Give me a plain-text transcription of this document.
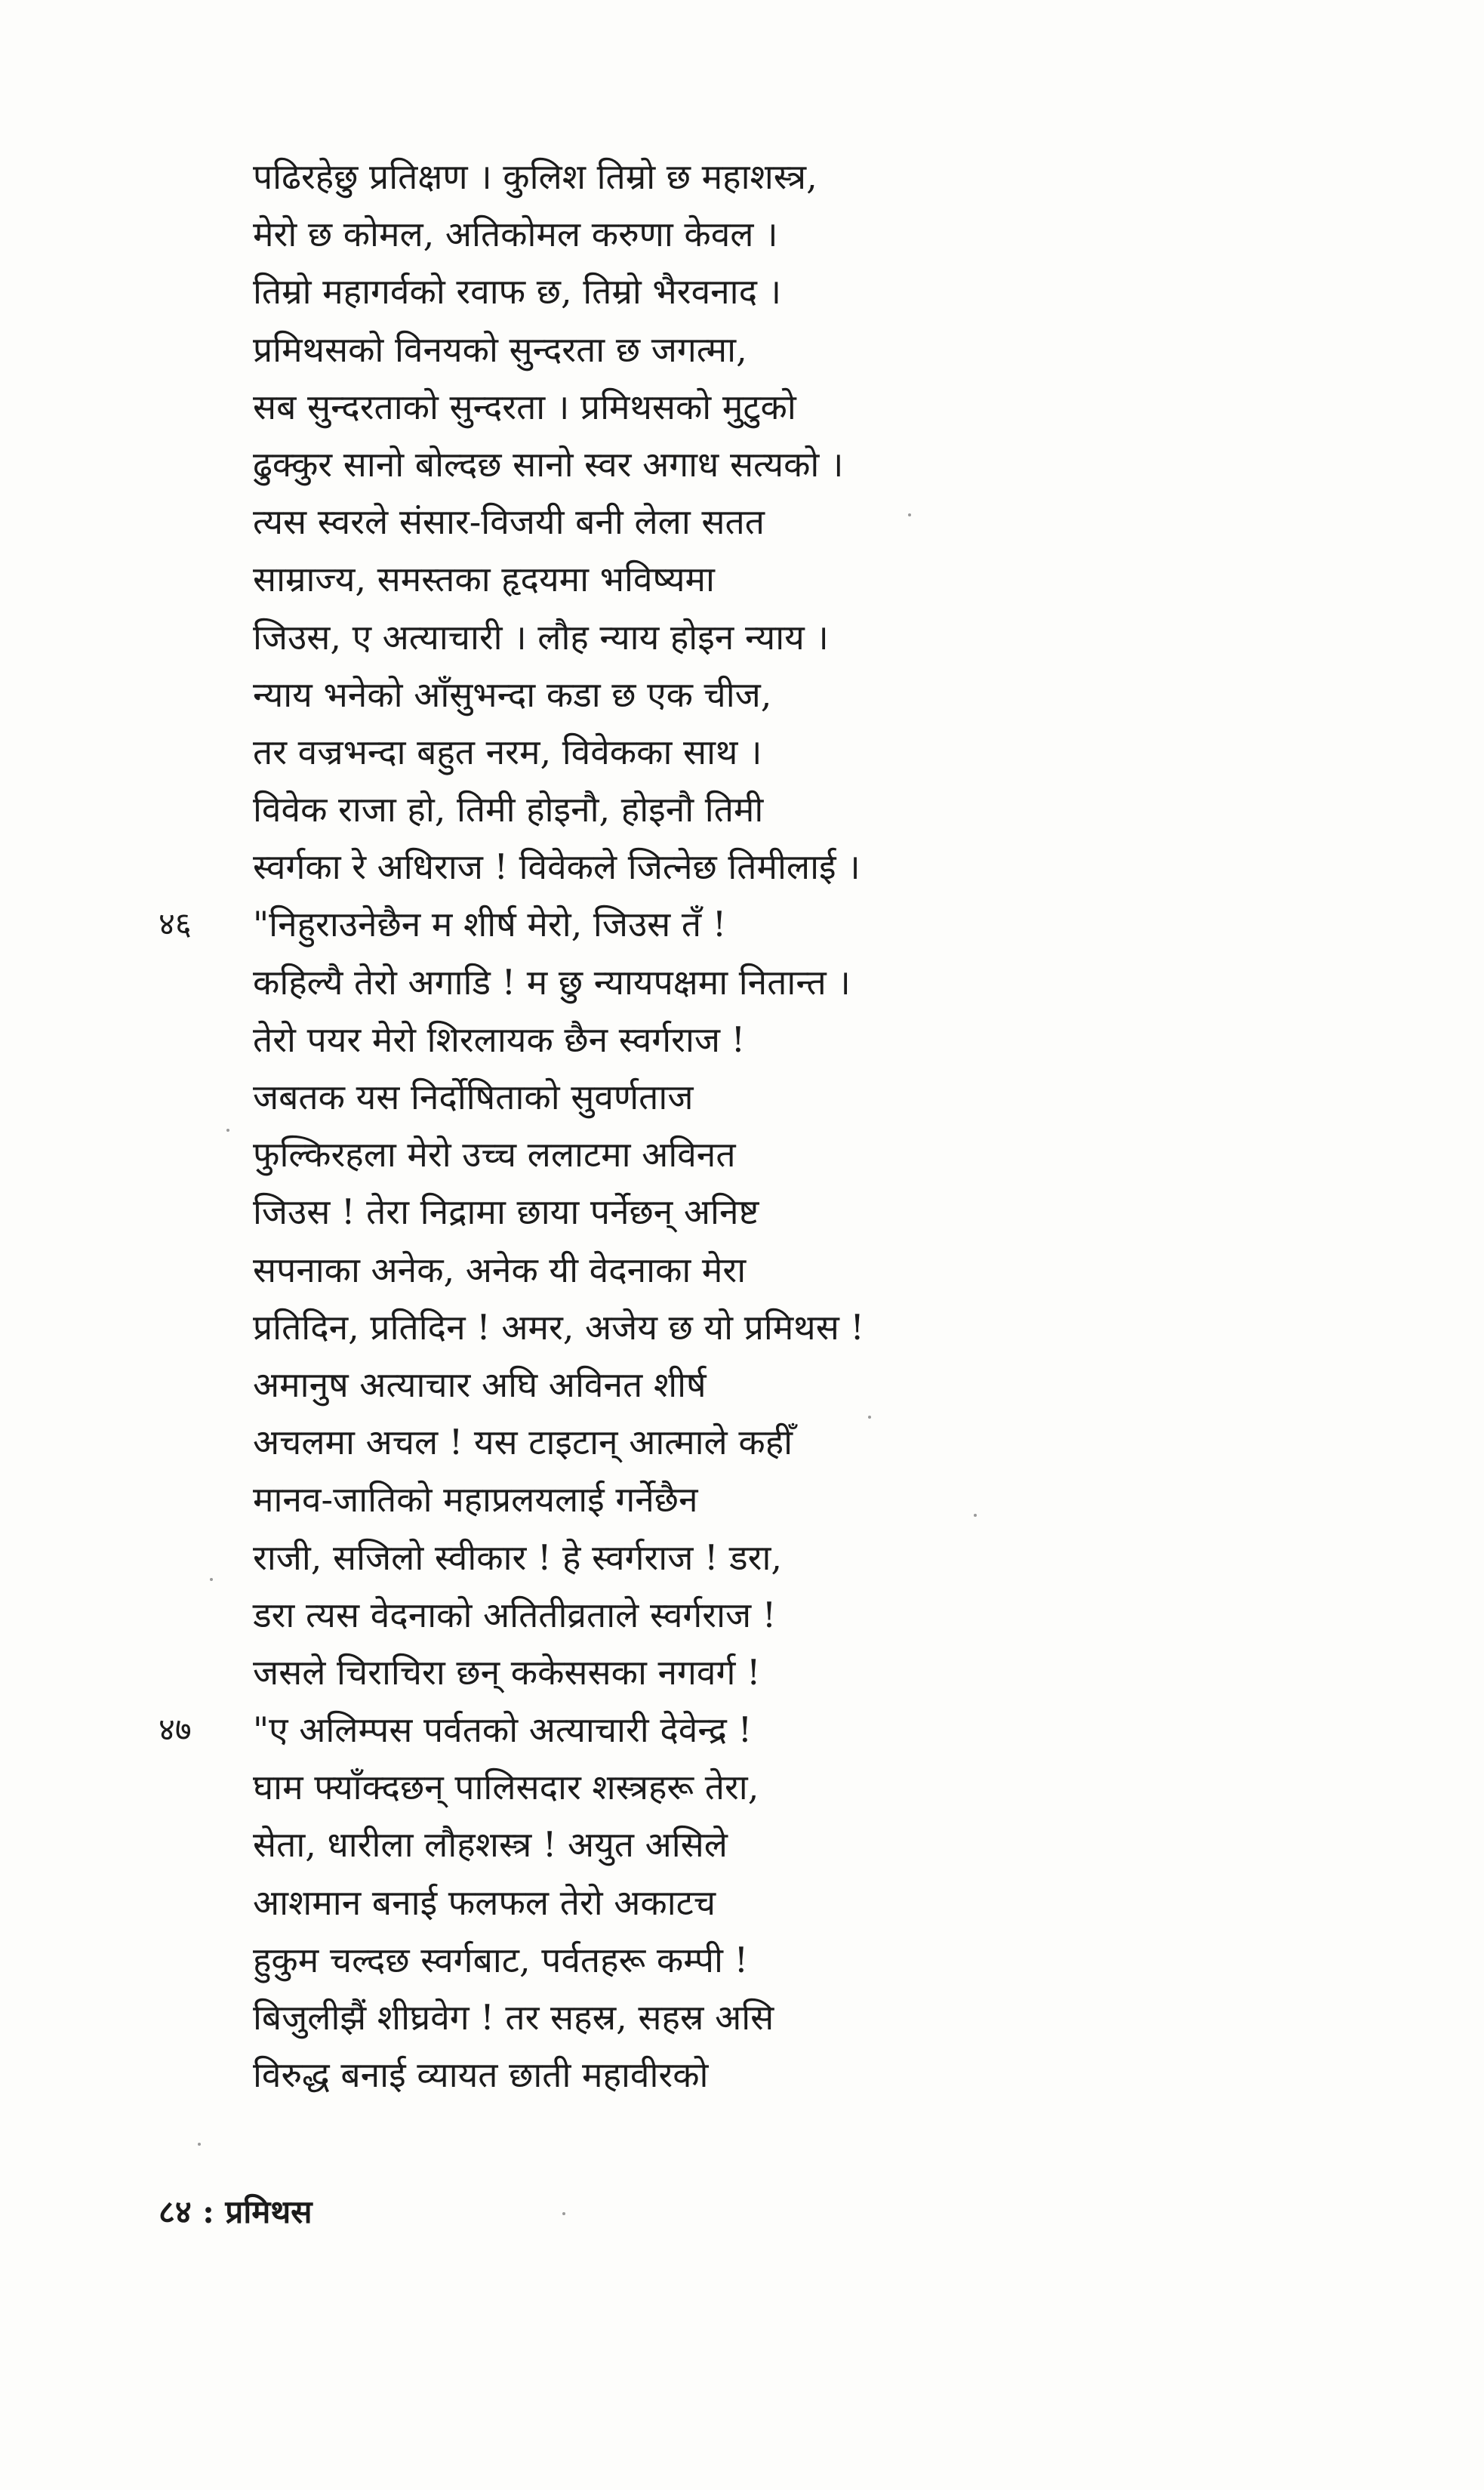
पढिरहेछु प्रतिक्षण । कुलिश तिम्रो छ महाशस्त्र,
मेरो छ कोमल, अतिकोमल करुणा केवल ।
तिम्रो महागर्वको रवाफ छ, तिम्रो भैरवनाद ।
प्रमिथसको विनयको सुन्दरता छ जगत्मा,
सब सुन्दरताको सुन्दरता । प्रमिथसको मुटुको
ढुक्कुर सानो बोल्दछ सानो स्वर अगाध सत्यको ।
त्यस स्वरले संसार-विजयी बनी लेला सतत
साम्राज्य, समस्तका हृदयमा भविष्यमा
जिउस, ए अत्याचारी । लौह न्याय होइन न्याय ।
न्याय भनेको आँसुभन्दा कडा छ एक चीज,
तर वज्रभन्दा बहुत नरम, विवेकका साथ ।
विवेक राजा हो, तिमी होइनौ, होइनौ तिमी
स्वर्गका रे अधिराज ! विवेकले जित्नेछ तिमीलाई ।
४६ "निहुराउनेछैन म शीर्ष मेरो, जिउस तँ !
कहिल्यै तेरो अगाडि ! म छु न्यायपक्षमा नितान्त ।
तेरो पयर मेरो शिरलायक छैन स्वर्गराज !
जबतक यस निर्दोषिताको सुवर्णताज
फुल्किरहला मेरो उच्च ललाटमा अविनत
जिउस ! तेरा निद्रामा छाया पर्नेछन् अनिष्ट
सपनाका अनेक, अनेक यी वेदनाका मेरा
प्रतिदिन, प्रतिदिन ! अमर, अजेय छ यो प्रमिथस !
अमानुष अत्याचार अघि अविनत शीर्ष
अचलमा अचल ! यस टाइटान् आत्माले कहीँ
मानव-जातिको महाप्रलयलाई गर्नेछैन
राजी, सजिलो स्वीकार ! हे स्वर्गराज ! डरा,
डरा त्यस वेदनाको अतितीव्रताले स्वर्गराज !
जसले चिराचिरा छन् ककेससका नगवर्ग !
४७ "ए अलिम्पस पर्वतको अत्याचारी देवेन्द्र !
घाम फ्याँक्दछन् पालिसदार शस्त्रहरू तेरा,
सेता, धारीला लौहशस्त्र ! अयुत असिले
आशमान बनाई फलफल तेरो अकाटच
हुकुम चल्दछ स्वर्गबाट, पर्वतहरू कम्पी !
बिजुलीझैं शीघ्रवेग ! तर सहस्र, सहस्र असि
विरुद्ध बनाई व्यायत छाती महावीरको
८४ : प्रमिथस
